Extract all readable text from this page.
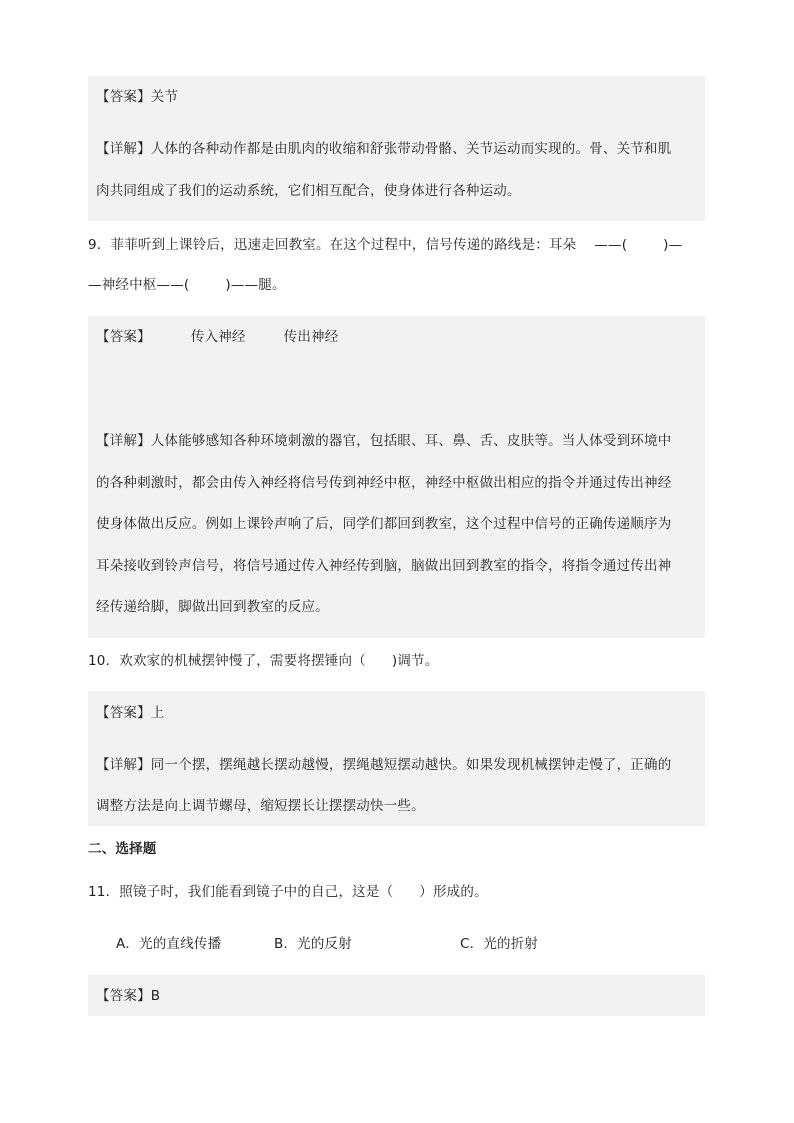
【答案】关节
【详解】人体的各种动作都是由肌肉的收缩和舒张带动骨骼、关节运动而实现的。骨、关节和肌
肉共同组成了我们的运动系统，它们相互配合，使身体进行各种运动。
9．菲菲听到上课铃后，迅速走回教室。在这个过程中，信号传递的路线是：耳朵 ——(	)—
—神经中枢——(	)——腿。
【答案】	传入神经	传出神经
【详解】人体能够感知各种环境刺激的器官，包括眼、耳、鼻、舌、皮肤等。当人体受到环境中
的各种刺激时，都会由传入神经将信号传到神经中枢，神经中枢做出相应的指令并通过传出神经
使身体做出反应。例如上课铃声响了后，同学们都回到教室，这个过程中信号的正确传递顺序为
耳朵接收到铃声信号，将信号通过传入神经传到脑，脑做出回到教室的指令，将指令通过传出神
经传递给脚，脚做出回到教室的反应。
10．欢欢家的机械摆钟慢了，需要将摆锤向（ )调节。
【答案】上
【详解】同一个摆，摆绳越长摆动越慢，摆绳越短摆动越快。如果发现机械摆钟走慢了，正确的
调整方法是向上调节螺母，缩短摆长让摆摆动快一些。
二、选择题
11．照镜子时，我们能看到镜子中的自己，这是（ ）形成的。
A．光的直线传播	B．光的反射	C．光的折射
【答案】B
